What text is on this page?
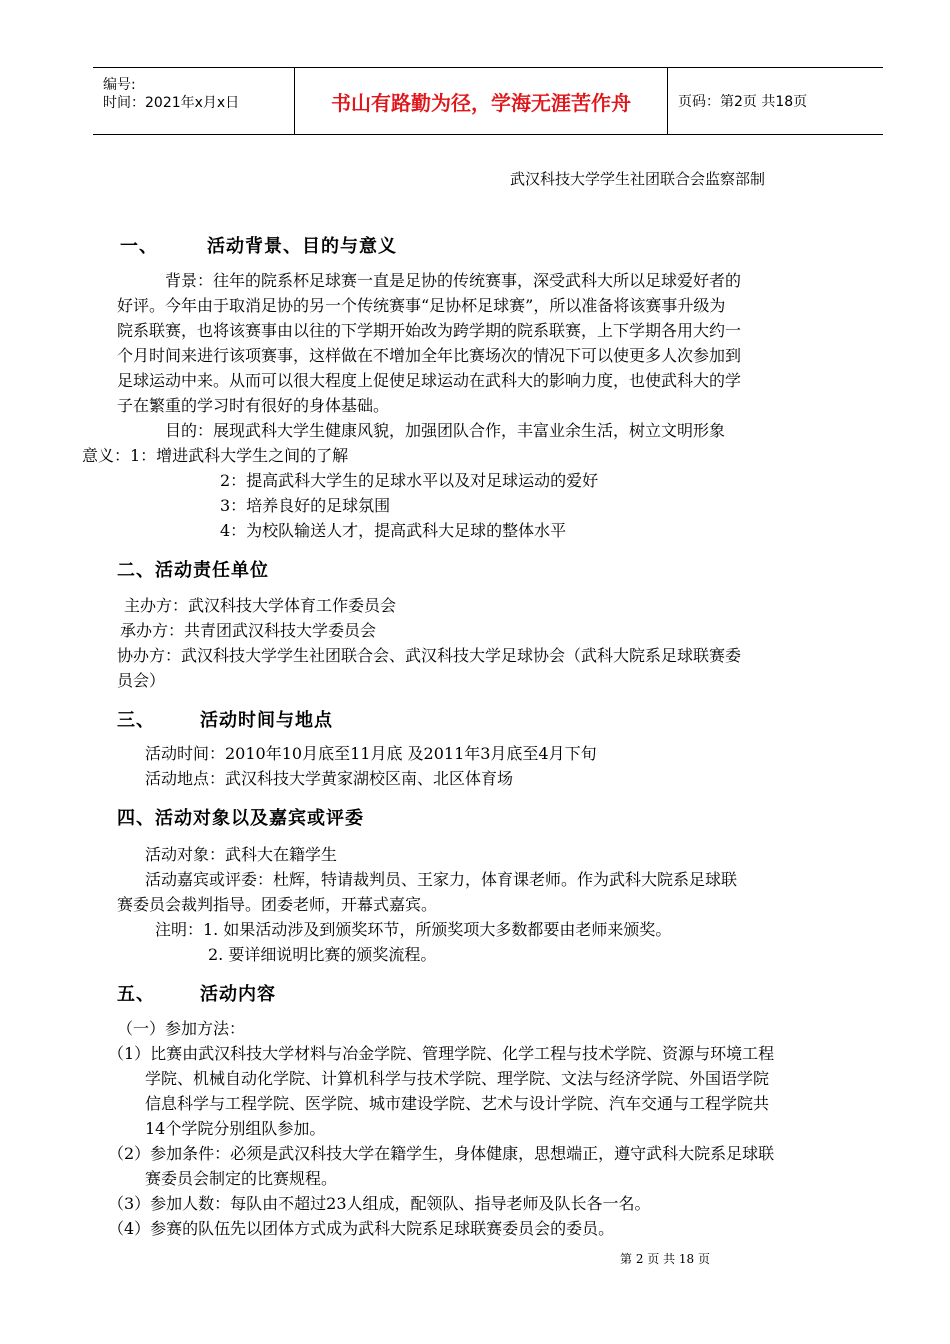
编号:
时间：2021年x月x日	书山有路勤为径，学海无涯苦作舟	页码：第2页 共18页
武汉科技大学学生社团联合会监察部制
一、	活动背景、目的与意义
背景：往年的院系杯足球赛一直是足协的传统赛事，深受武科大所以足球爱好者的
好评。今年由于取消足协的另一个传统赛事“足协杯足球赛”，所以准备将该赛事升级为
院系联赛，也将该赛事由以往的下学期开始改为跨学期的院系联赛，上下学期各用大约一
个月时间来进行该项赛事，这样做在不增加全年比赛场次的情况下可以使更多人次参加到
足球运动中来。从而可以很大程度上促使足球运动在武科大的影响力度，也使武科大的学
子在繁重的学习时有很好的身体基础。
目的：展现武科大学生健康风貌，加强团队合作，丰富业余生活，树立文明形象
意义：1：增进武科大学生之间的了解
2：提高武科大学生的足球水平以及对足球运动的爱好
3：培养良好的足球氛围
4：为校队输送人才，提高武科大足球的整体水平
二、活动责任单位
主办方：武汉科技大学体育工作委员会
承办方：共青团武汉科技大学委员会
协办方：武汉科技大学学生社团联合会、武汉科技大学足球协会（武科大院系足球联赛委
员会）
三、	活动时间与地点
活动时间：2010年10月底至11月底 及2011年3月底至4月下旬
活动地点：武汉科技大学黄家湖校区南、北区体育场
四、活动对象以及嘉宾或评委
活动对象：武科大在籍学生
活动嘉宾或评委：杜辉，特请裁判员、王家力，体育课老师。作为武科大院系足球联
赛委员会裁判指导。团委老师，开幕式嘉宾。
注明：1. 如果活动涉及到颁奖环节，所颁奖项大多数都要由老师来颁奖。
2. 要详细说明比赛的颁奖流程。
五、	活动内容
（一）参加方法：
（1）比赛由武汉科技大学材料与冶金学院、管理学院、化学工程与技术学院、资源与环境工程
学院、机械自动化学院、计算机科学与技术学院、理学院、文法与经济学院、外国语学院
信息科学与工程学院、医学院、城市建设学院、艺术与设计学院、汽车交通与工程学院共
14个学院分别组队参加。
（2）参加条件：必须是武汉科技大学在籍学生，身体健康，思想端正，遵守武科大院系足球联
赛委员会制定的比赛规程。
（3）参加人数：每队由不超过23人组成，配领队、指导老师及队长各一名。
（4）参赛的队伍先以团体方式成为武科大院系足球联赛委员会的委员。
第 2 页 共 18 页
